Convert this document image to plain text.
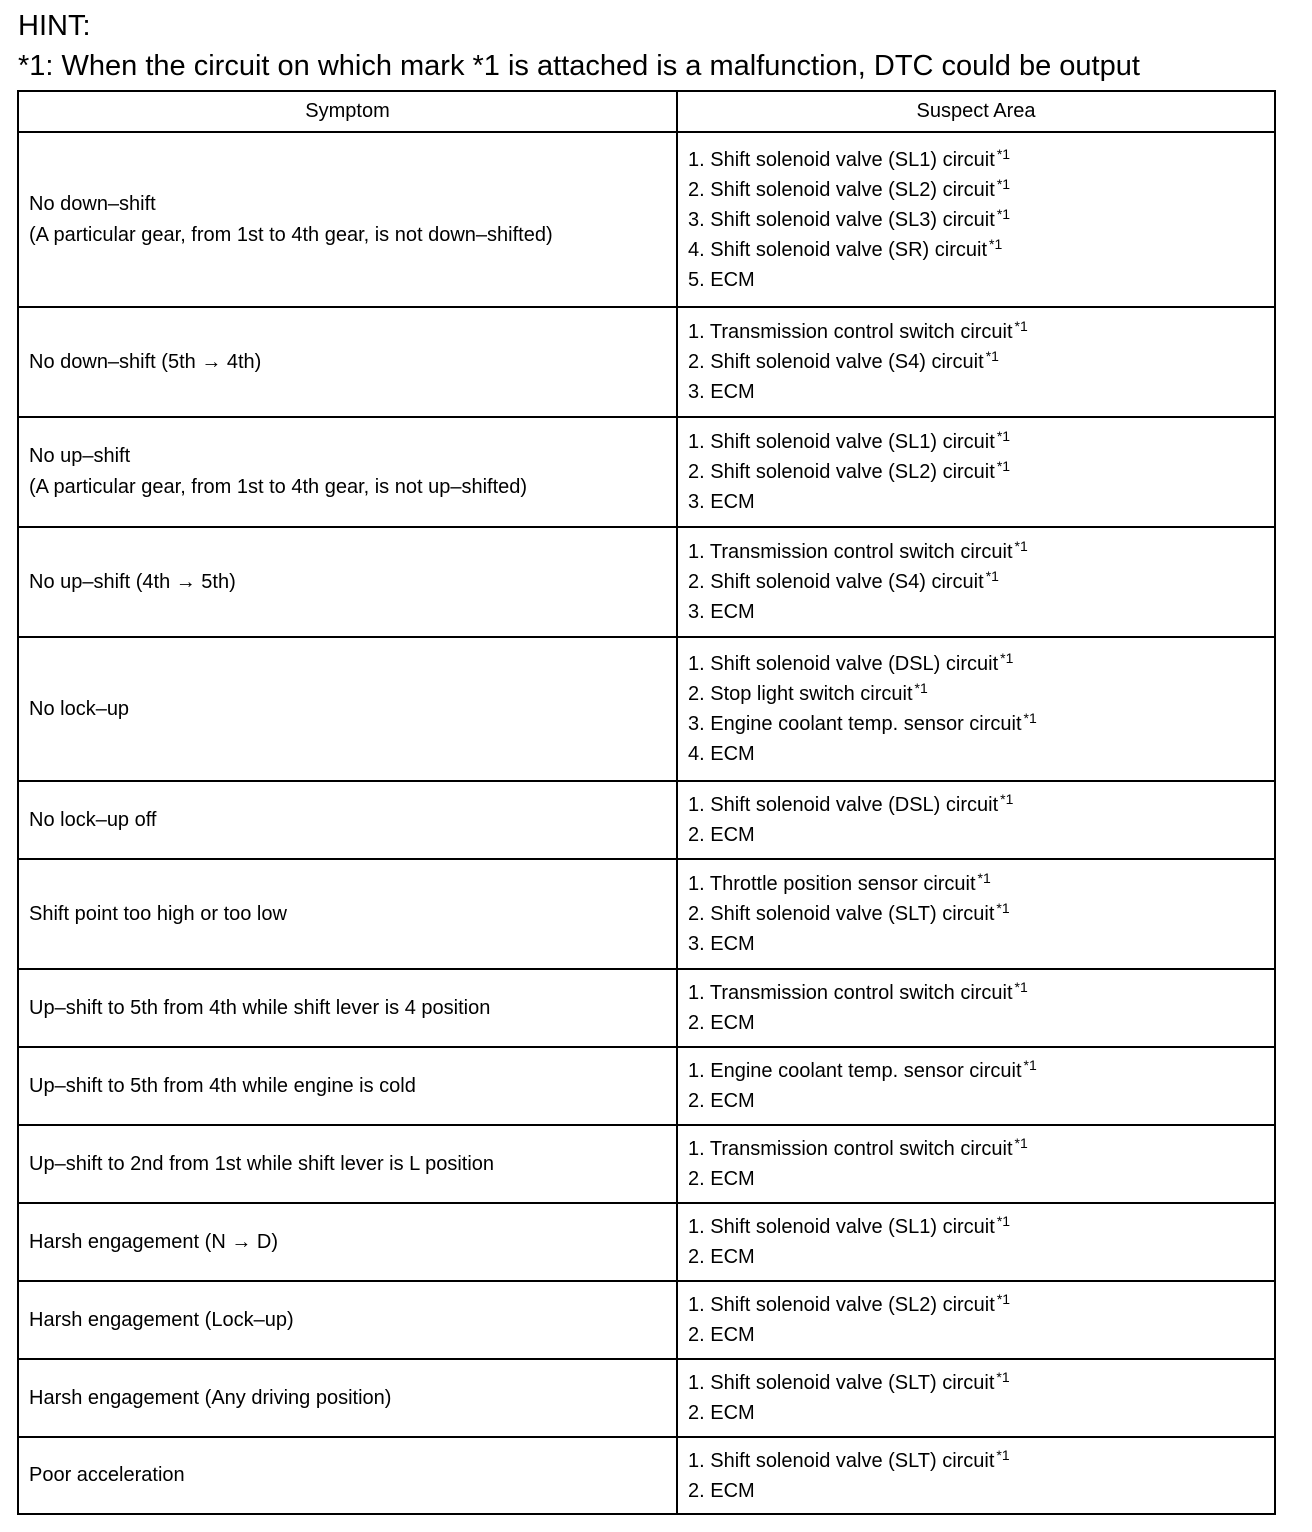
HINT:
*1: When the circuit on which mark *1 is attached is a malfunction, DTC could be output
Symptom	Suspect Area

No down–shift
(A particular gear, from 1st to 4th gear, is not down–shifted)	1. Shift solenoid valve (SL1) circuit $^{*1}$
2. Shift solenoid valve (SL2) circuit $^{*1}$
3. Shift solenoid valve (SL3) circuit $^{*1}$
4. Shift solenoid valve (SR) circuit $^{*1}$
5. ECM

No down–shift (5th → 4th)	1. Transmission control switch circuit $^{*1}$
2. Shift solenoid valve (S4) circuit $^{*1}$
3. ECM

No up–shift
(A particular gear, from 1st to 4th gear, is not up–shifted)	1. Shift solenoid valve (SL1) circuit $^{*1}$
2. Shift solenoid valve (SL2) circuit $^{*1}$
3. ECM

No up–shift (4th → 5th)	1. Transmission control switch circuit $^{*1}$
2. Shift solenoid valve (S4) circuit $^{*1}$
3. ECM

No lock–up	1. Shift solenoid valve (DSL) circuit $^{*1}$
2. Stop light switch circuit $^{*1}$
3. Engine coolant temp. sensor circuit $^{*1}$
4. ECM

No lock–up off	1. Shift solenoid valve (DSL) circuit $^{*1}$
2. ECM

Shift point too high or too low	1. Throttle position sensor circuit $^{*1}$
2. Shift solenoid valve (SLT) circuit $^{*1}$
3. ECM

Up–shift to 5th from 4th while shift lever is 4 position	1. Transmission control switch circuit $^{*1}$
2. ECM

Up–shift to 5th from 4th while engine is cold	1. Engine coolant temp. sensor circuit $^{*1}$
2. ECM

Up–shift to 2nd from 1st while shift lever is L position	1. Transmission control switch circuit $^{*1}$
2. ECM

Harsh engagement (N → D)	1. Shift solenoid valve (SL1) circuit $^{*1}$
2. ECM

Harsh engagement (Lock–up)	1. Shift solenoid valve (SL2) circuit $^{*1}$
2. ECM

Harsh engagement (Any driving position)	1. Shift solenoid valve (SLT) circuit $^{*1}$
2. ECM

Poor acceleration	1. Shift solenoid valve (SLT) circuit $^{*1}$
2. ECM
